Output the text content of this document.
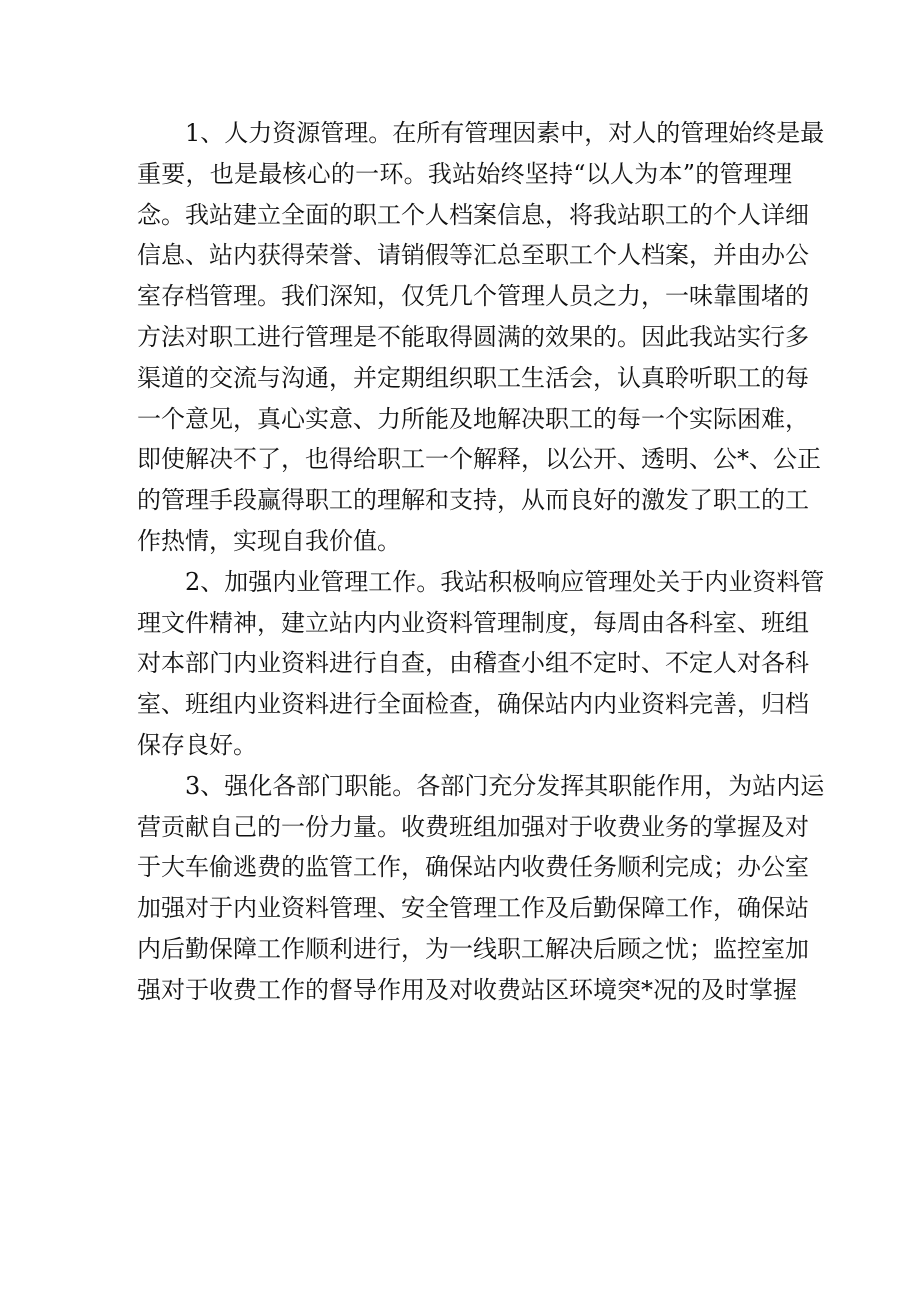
1、人力资源管理。在所有管理因素中，对人的管理始终是最
重要，也是最核心的一环。我站始终坚持“以人为本”的管理理
念。我站建立全面的职工个人档案信息，将我站职工的个人详细
信息、站内获得荣誉、请销假等汇总至职工个人档案，并由办公
室存档管理。我们深知，仅凭几个管理人员之力，一味靠围堵的
方法对职工进行管理是不能取得圆满的效果的。因此我站实行多
渠道的交流与沟通，并定期组织职工生活会，认真聆听职工的每
一个意见，真心实意、力所能及地解决职工的每一个实际困难，
即使解决不了，也得给职工一个解释，以公开、透明、公*、公正
的管理手段赢得职工的理解和支持，从而良好的激发了职工的工
作热情，实现自我价值。
2、加强内业管理工作。我站积极响应管理处关于内业资料管
理文件精神，建立站内内业资料管理制度，每周由各科室、班组
对本部门内业资料进行自查，由稽查小组不定时、不定人对各科
室、班组内业资料进行全面检查，确保站内内业资料完善，归档
保存良好。
3、强化各部门职能。各部门充分发挥其职能作用，为站内运
营贡献自己的一份力量。收费班组加强对于收费业务的掌握及对
于大车偷逃费的监管工作，确保站内收费任务顺利完成；办公室
加强对于内业资料管理、安全管理工作及后勤保障工作，确保站
内后勤保障工作顺利进行，为一线职工解决后顾之忧；监控室加
强对于收费工作的督导作用及对收费站区环境突*况的及时掌握
